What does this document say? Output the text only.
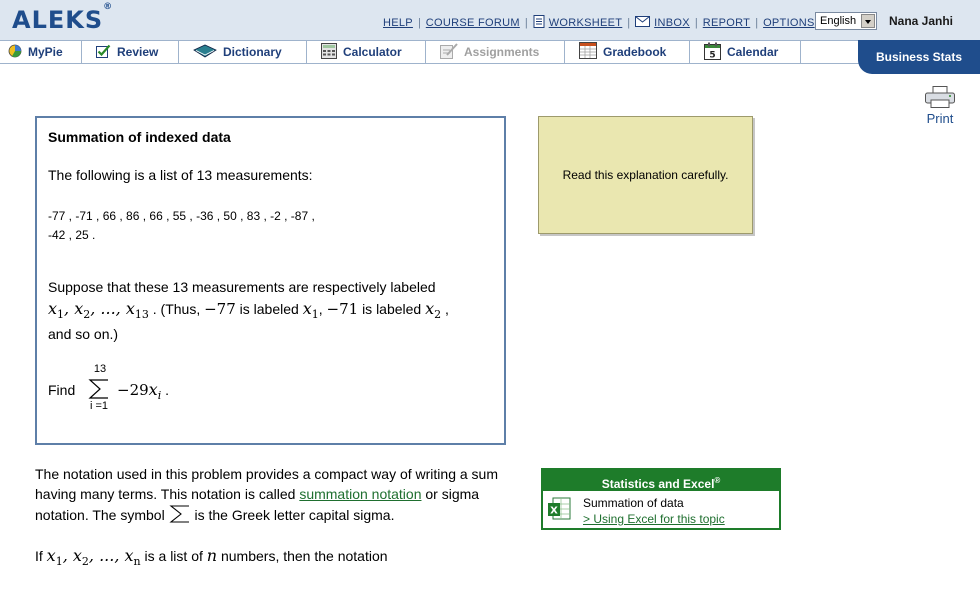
ALEKS®
HELP | COURSE FORUM | WORKSHEET | INBOX | REPORT | OPTIONS English	Nana Janhi
MyPie	Review	Dictionary	Calculator	Assignments	Gradebook	5 Calendar	Business Stats
Print
Summation of indexed data
The following is a list of 13 measurements:
-77 , -71 , 66 , 86 , 66 , 55 , -36 , 50 , 83 , -2 , -87 ,
-42 , 25 .
Suppose that these 13 measurements are respectively labeled
$x_1$, $x_2$, ..., $x_{13}$ . (Thus, −77 is labeled $x_1$, −71 is labeled $x_2$ ,
and so on.)
Find
13
i =1
$-29x_i$ .
Read this explanation carefully.
The notation used in this problem provides a compact way of writing a sum having many terms. This notation is called summation notation or sigma notation. The symbol  is the Greek letter capital sigma.
If $x_1$, $x_2$, ..., $x_n$ is a list of n numbers, then the notation
Statistics and Excel®
X
Summation of data
> Using Excel for this topic
